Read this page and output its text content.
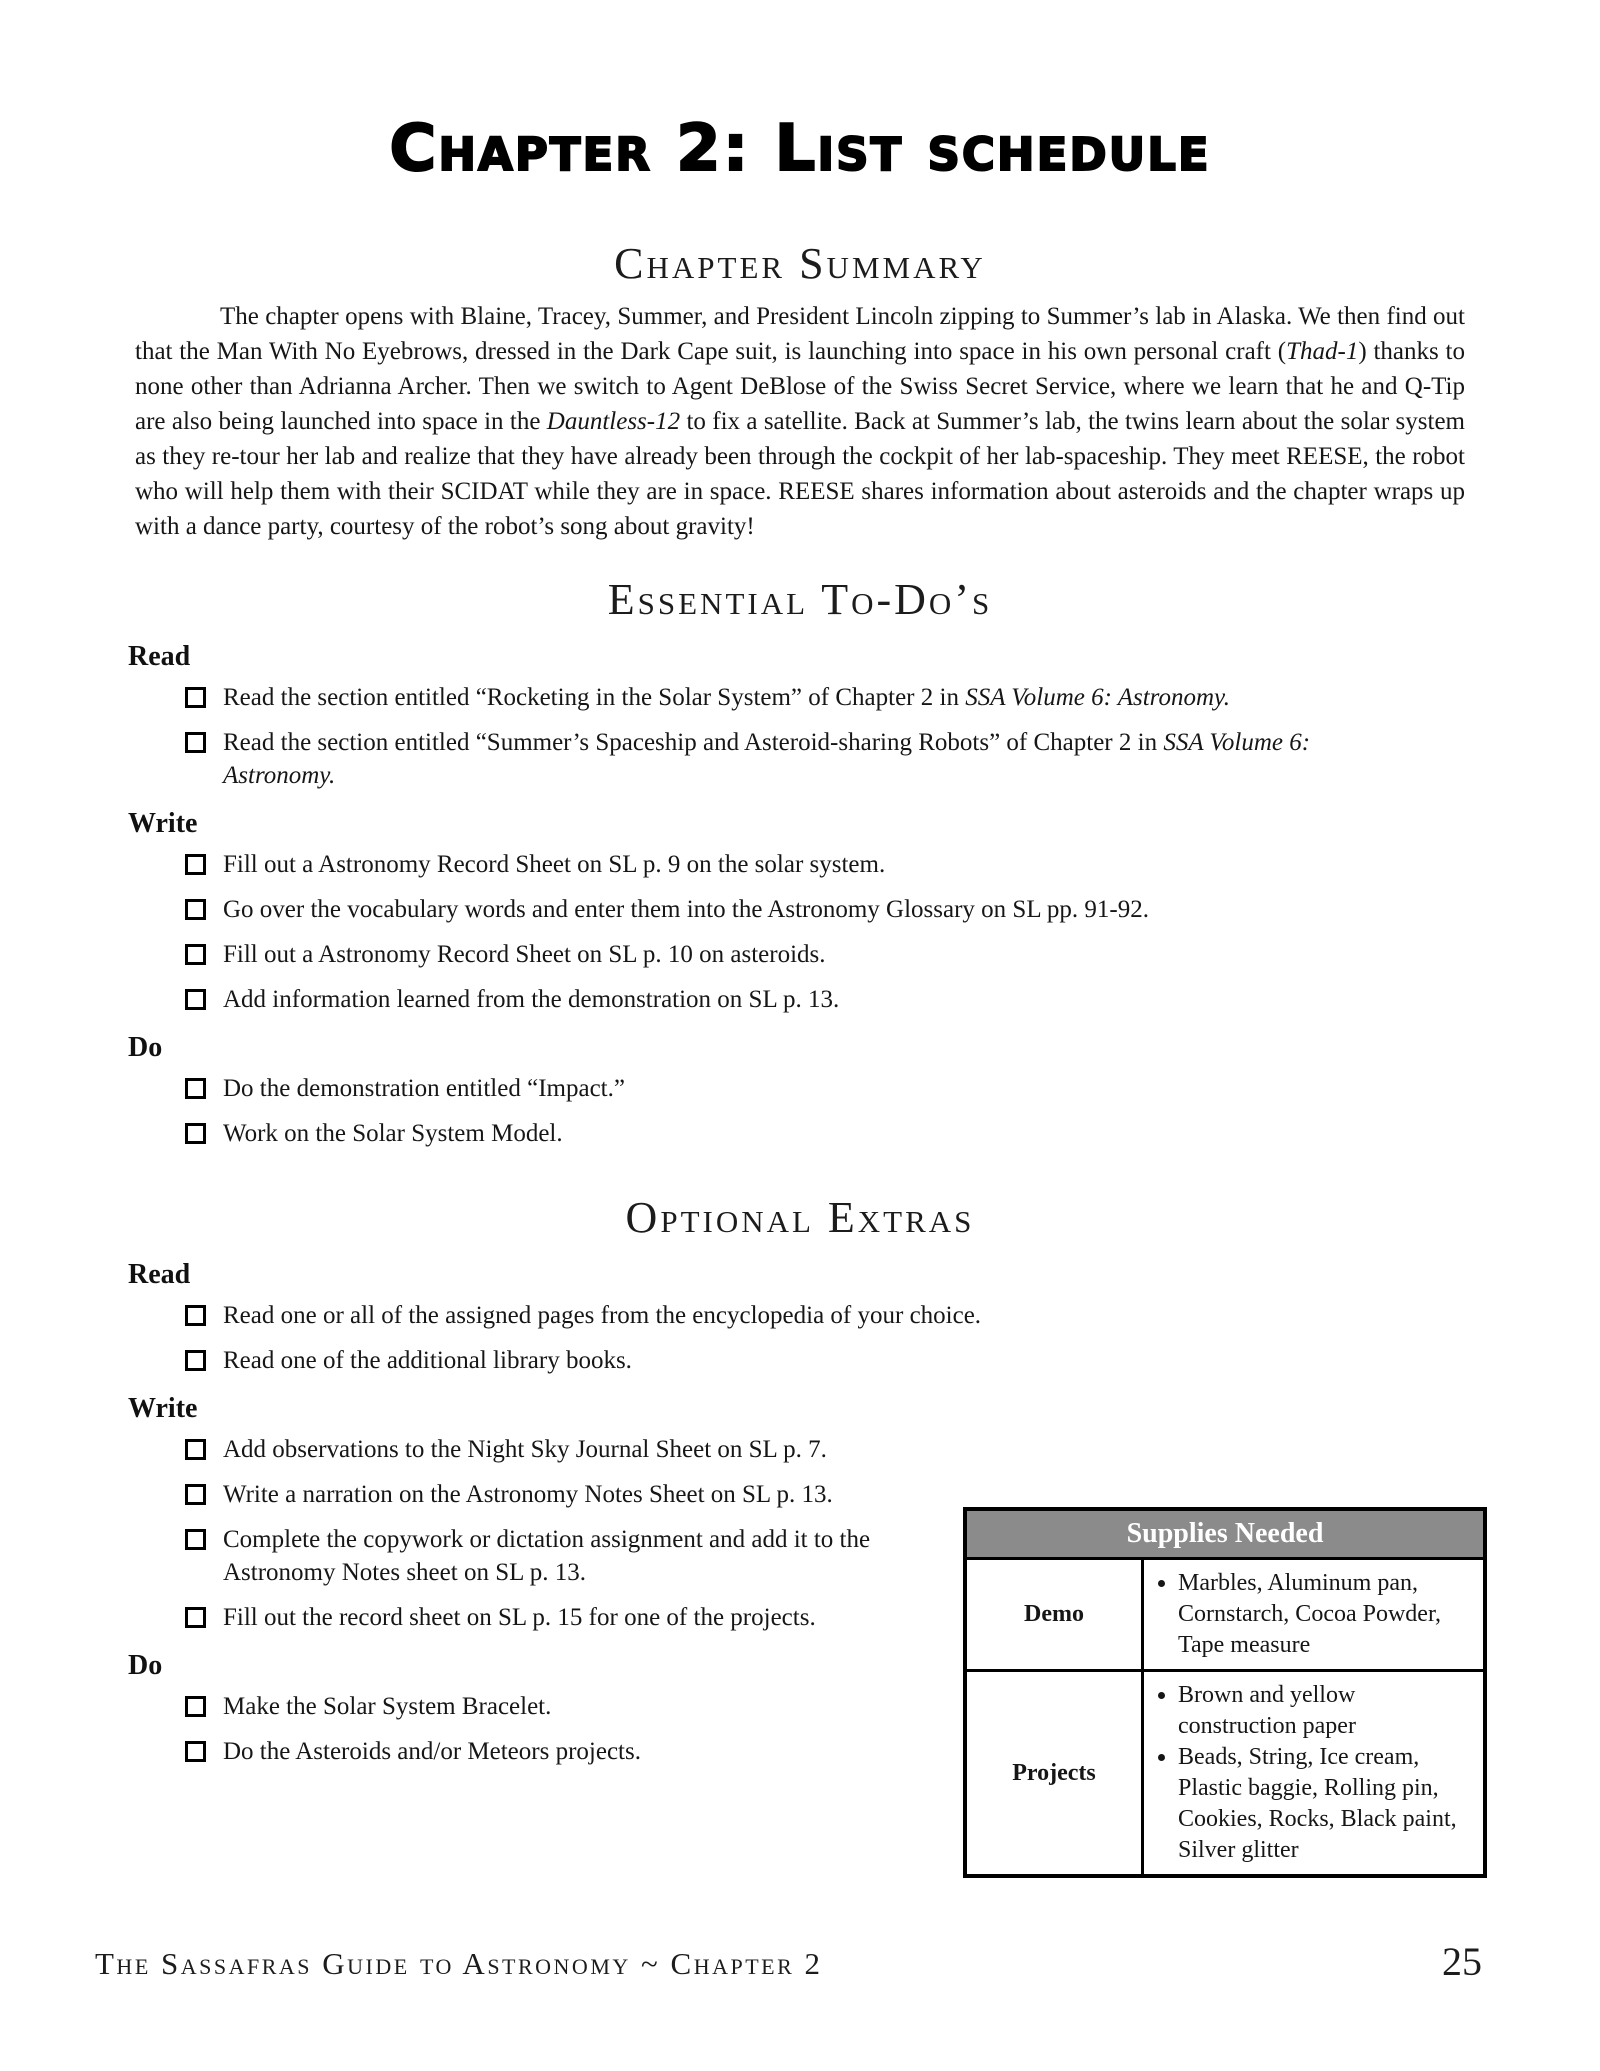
Chapter 2: List schedule
Chapter Summary

The chapter opens with Blaine, Tracey, Summer, and President Lincoln zipping to Summer’s lab in Alaska. We then find out that the Man With No Eyebrows, dressed in the Dark Cape suit, is launching into space in his own personal craft (Thad-1) thanks to none other than Adrianna Archer. Then we switch to Agent DeBlose of the Swiss Secret Service, where we learn that he and Q-Tip are also being launched into space in the Dauntless-12 to fix a satellite. Back at Summer’s lab, the twins learn about the solar system as they re-tour her lab and realize that they have already been through the cockpit of her lab-spaceship. They meet REESE, the robot who will help them with their SCIDAT while they are in space. REESE shares information about asteroids and the chapter wraps up with a dance party, courtesy of the robot’s song about gravity!

Essential To-Do’s
Read
Read the section entitled “Rocketing in the Solar System” of Chapter 2 in SSA Volume 6: Astronomy.
Read the section entitled “Summer’s Spaceship and Asteroid-sharing Robots” of Chapter 2 in SSA Volume 6: Astronomy.
Write
Fill out a Astronomy Record Sheet on SL p. 9 on the solar system.
Go over the vocabulary words and enter them into the Astronomy Glossary on SL pp. 91-92.
Fill out a Astronomy Record Sheet on SL p. 10 on asteroids.
Add information learned from the demonstration on SL p. 13.
Do
Do the demonstration entitled “Impact.”
Work on the Solar System Model.
Optional Extras
Read
Read one or all of the assigned pages from the encyclopedia of your choice.
Read one of the additional library books.
Write
Add observations to the Night Sky Journal Sheet on SL p. 7.
Write a narration on the Astronomy Notes Sheet on SL p. 13.
Complete the copywork or dictation assignment and add it to the Astronomy Notes sheet on SL p. 13.
Fill out the record sheet on SL p. 15 for one of the projects.
Do
Make the Solar System Bracelet.
Do the Asteroids and/or Meteors projects.
Supplies Needed	
Demo	
• Marbles, Aluminum pan, Cornstarch, Cocoa Powder, Tape measure

Projects	
• Brown and yellow construction paper
• Beads, String, Ice cream, Plastic baggie, Rolling pin, Cookies, Rocks, Black paint, Silver glitter
The Sassafras Guide to Astronomy ~ Chapter 2	25
